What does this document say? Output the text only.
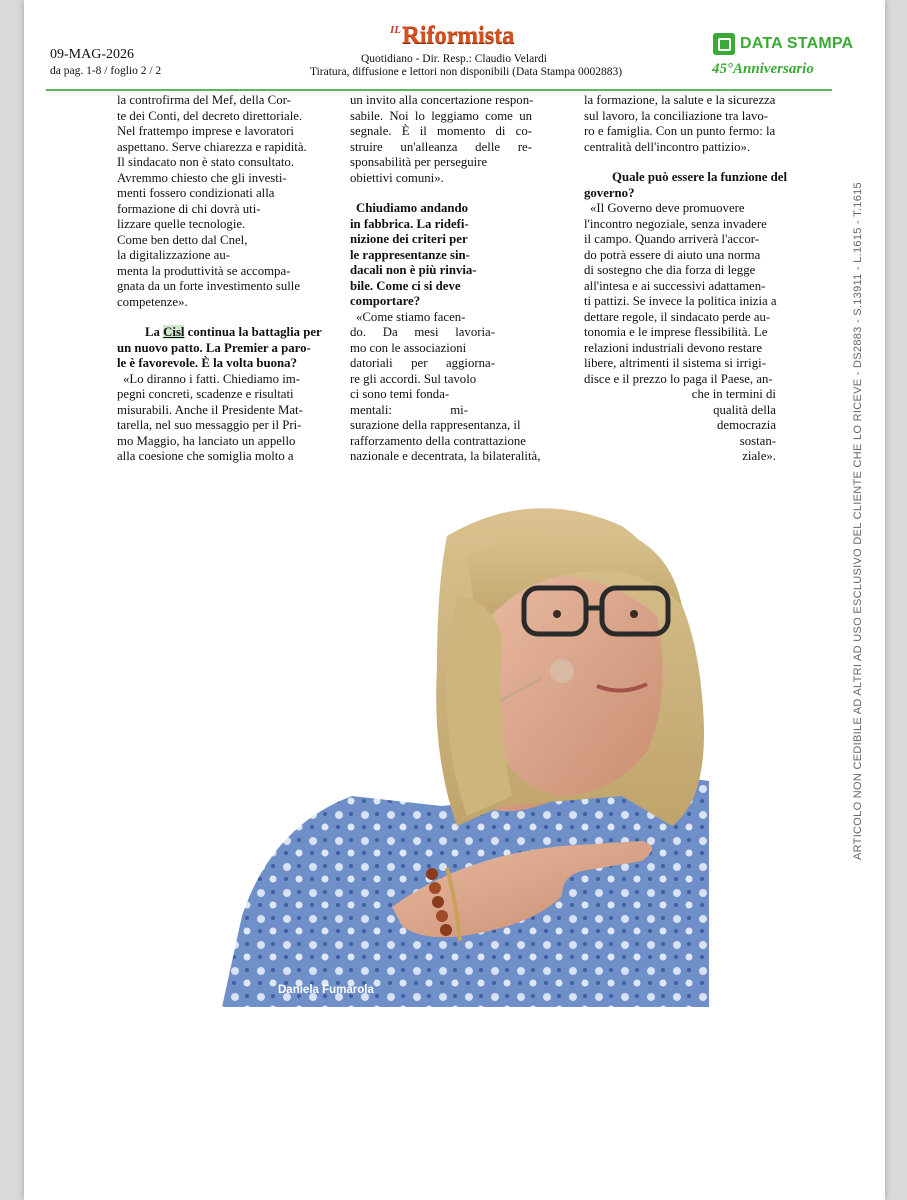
09-MAG-2026
da pag. 1-8 / foglio 2 / 2
IL Riformista
Quotidiano - Dir. Resp.: Claudio Velardi
Tiratura, diffusione e lettori non disponibili (Data Stampa 0002883)
DATA STAMPA
45°Anniversario

la controfirma del Mef, della Cor-

te dei Conti, del decreto direttoriale.

Nel frattempo imprese e lavoratori

aspettano. Serve chiarezza e rapidità.

Il sindacato non è stato consultato.

Avremmo chiesto che gli investi-

menti fossero condizionati alla

formazione di chi dovrà uti-

lizzare quelle tecnologie.

Come ben detto dal Cnel,

la digitalizzazione au-

menta la produttività se accompa-

gnata da un forte investimento sulle

competenze».

La Cisl continua la battaglia per

un nuovo patto. La Premier a paro-

le è favorevole. È la volta buona?

«Lo diranno i fatti. Chiediamo im-

pegni concreti, scadenze e risultati

misurabili. Anche il Presidente Mat-

tarella, nel suo messaggio per il Pri-

mo Maggio, ha lanciato un appello

alla coesione che somiglia molto a

un invito alla concertazione respon-

sabile. Noi lo leggiamo come un

segnale. È il momento di co-

struire un'alleanza delle re-

sponsabilità per perseguire

obiettivi comuni».

Chiudiamo andando

in fabbrica. La ridefi-

nizione dei criteri per

le rappresentanze sin-

dacali non è più rinvia-

bile. Come ci si deve

comportare?

«Come stiamo facen-

do. Da mesi lavoria-

mo con le associazioni

datoriali per aggiorna-

re gli accordi. Sul tavolo

ci sono temi fonda-

mentali: mi-

surazione della rappresentanza, il

rafforzamento della contrattazione

nazionale e decentrata, la bilateralità,

la formazione, la salute e la sicurezza

sul lavoro, la conciliazione tra lavo-

ro e famiglia. Con un punto fermo: la

centralità dell'incontro pattizio».

Quale può essere la funzione del

governo?

«Il Governo deve promuovere

l'incontro negoziale, senza invadere

il campo. Quando arriverà l'accor-

do potrà essere di aiuto una norma

di sostegno che dia forza di legge

all'intesa e ai successivi adattamen-

ti pattizi. Se invece la politica inizia a

dettare regole, il sindacato perde au-

tonomia e le imprese flessibilità. Le

relazioni industriali devono restare

libere, altrimenti il sistema si irrigi-

disce e il prezzo lo paga il Paese, an-

che in termini di

qualità della

democrazia

sostan-

ziale».

Daniela Fumarola
ARTICOLO NON CEDIBILE AD ALTRI AD USO ESCLUSIVO DEL CLIENTE CHE LO RICEVE - DS2883 - S.13911 - L.1615 - T.1615
